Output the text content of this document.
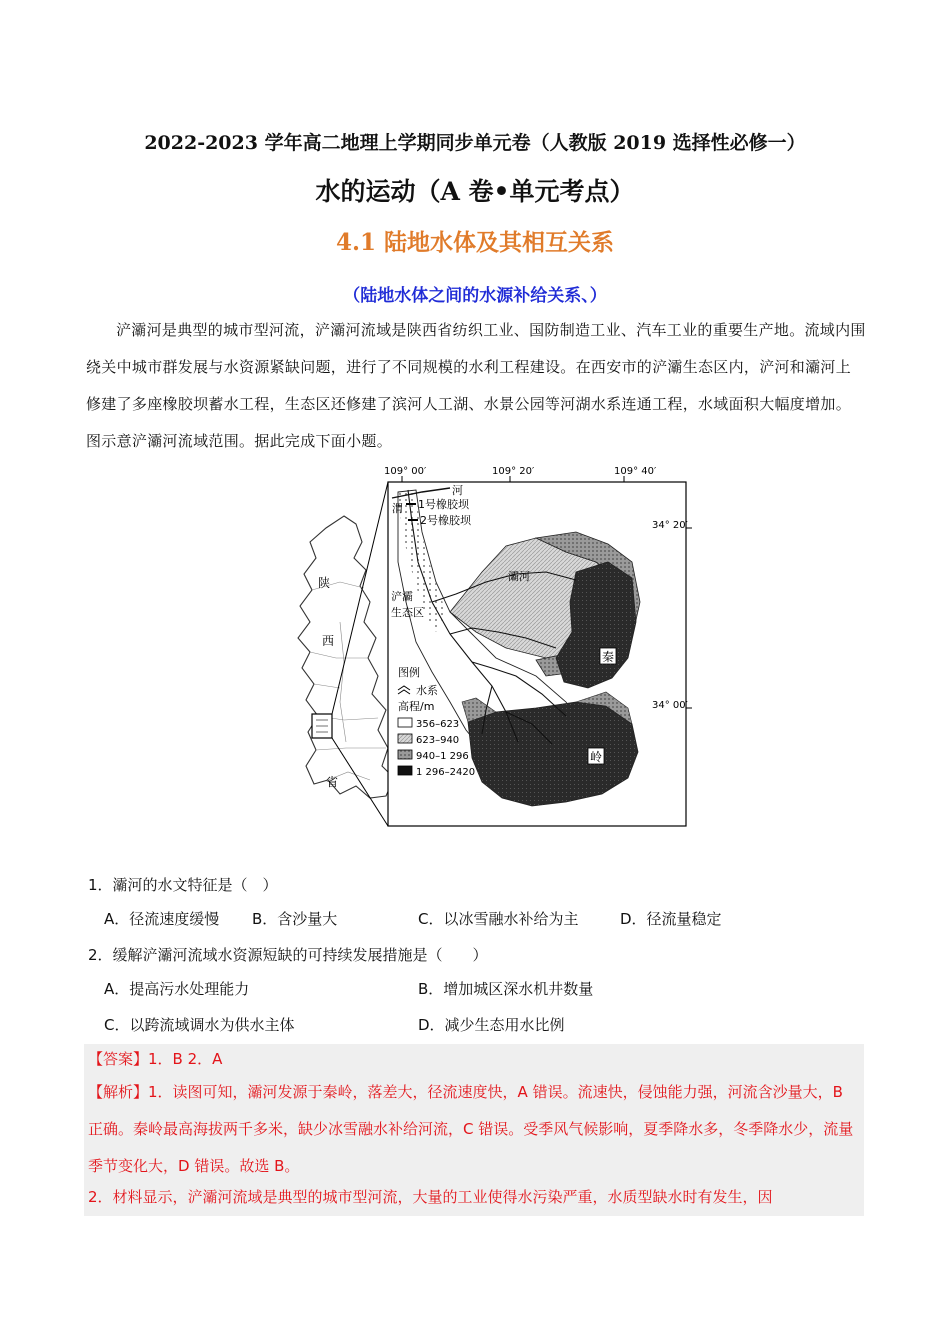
2022-2023 学年高二地理上学期同步单元卷（人教版 2019 选择性必修一）
水的运动（A 卷•单元考点）
4.1 陆地水体及其相互关系
（陆地水体之间的水源补给关系、）
浐灞河是典型的城市型河流，浐灞河流域是陕西省纺织工业、国防制造工业、汽车工业的重要生产地。流域内围绕关中城市群发展与水资源紧缺问题，进行了不同规模的水利工程建设。在西安市的浐灞生态区内，浐河和灞河上修建了多座橡胶坝蓄水工程，生态区还修建了滨河人工湖、水景公园等河湖水系连通工程，水域面积大幅度增加。图示意浐灞河流域范围。据此完成下面小题。
陕
西
省
109° 00′	109° 20′	109° 40′
34° 20′
34° 00′
1号橡胶坝
2号橡胶坝
河
渭
灞河
浐灞
生态区
秦
岭
图例
水系
高程/m
356–623
623–940
940–1 296
1 296–2420
1．灞河的水文特征是（　）
A．径流速度缓慢 B．含沙量大	C．以冰雪融水补给为主	D．径流量稳定
2．缓解浐灞河流域水资源短缺的可持续发展措施是（　　）
A．提高污水处理能力	B．增加城区深水机井数量
C．以跨流域调水为供水主体	D．减少生态用水比例
【答案】1．B 2．A
【解析】1．读图可知，灞河发源于秦岭，落差大，径流速度快，A 错误。流速快，侵蚀能力强，河流含沙量大，B 正确。秦岭最高海拔两千多米，缺少冰雪融水补给河流，C 错误。受季风气候影响，夏季降水多，冬季降水少，流量季节变化大，D 错误。故选 B。
2．材料显示，浐灞河流域是典型的城市型河流，大量的工业使得水污染严重，水质型缺水时有发生，因
